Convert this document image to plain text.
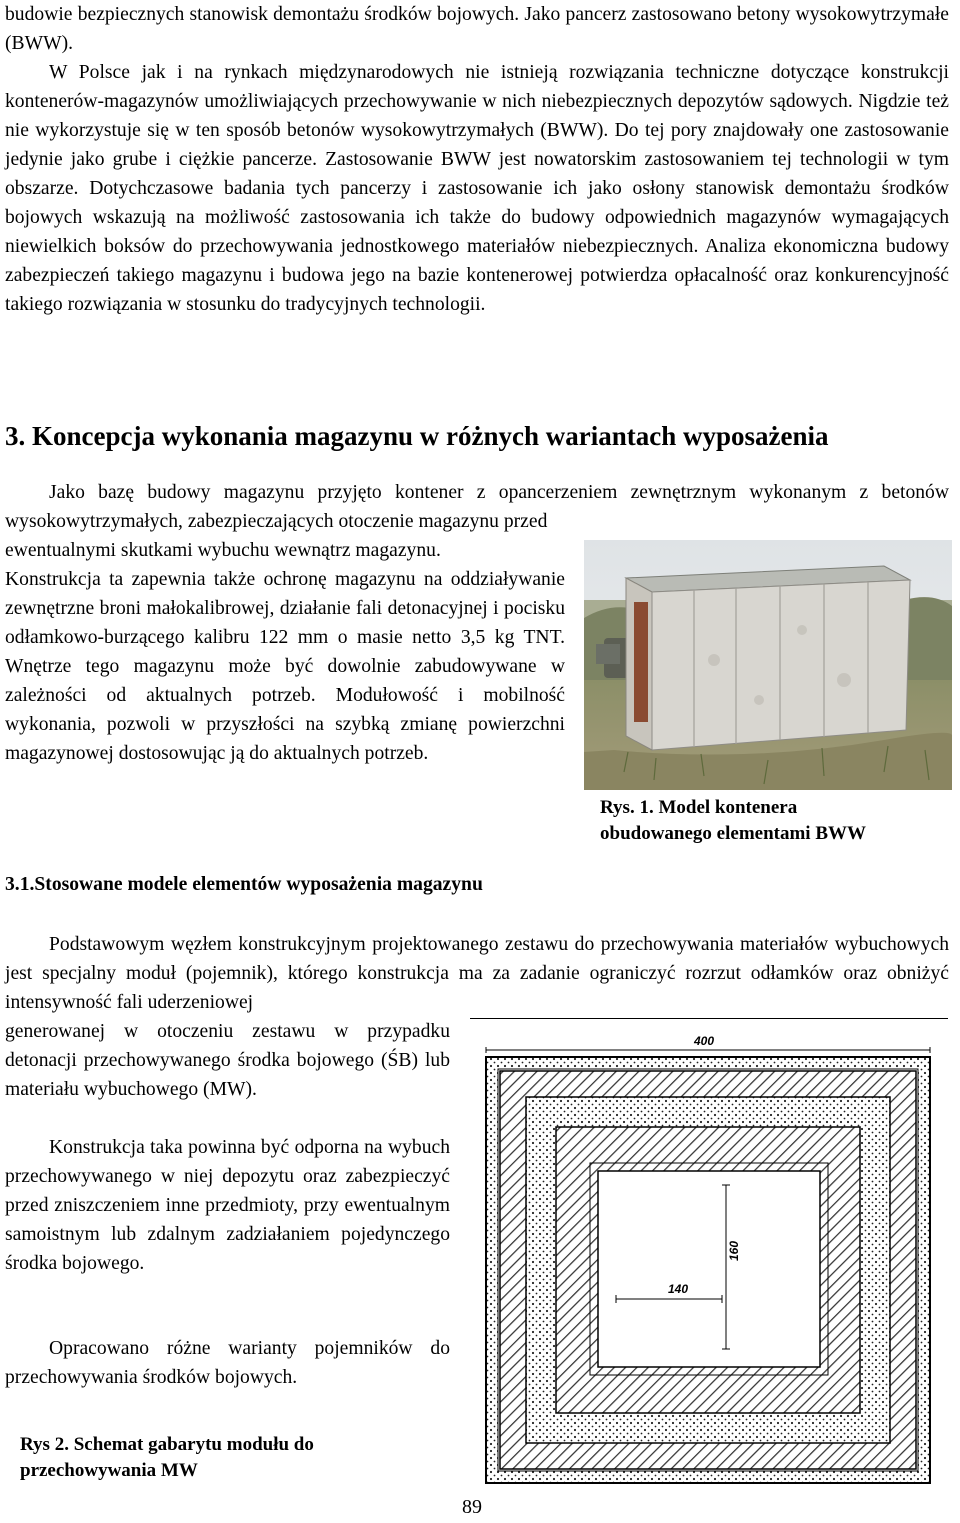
budowie bezpiecznych stanowisk demontażu środków bojowych. Jako pancerz zastosowano betony wysokowytrzymałe (BWW).

W Polsce jak i na rynkach międzynarodowych nie istnieją rozwiązania techniczne dotyczące konstrukcji kontenerów-magazynów umożliwiających przechowywanie w nich niebezpiecznych depozytów sądowych. Nigdzie też nie wykorzystuje się w ten sposób betonów wysokowytrzymałych (BWW). Do tej pory znajdowały one zastosowanie jedynie jako grube i ciężkie pancerze. Zastosowanie BWW jest nowatorskim zastosowaniem tej technologii w tym obszarze. Dotychczasowe badania tych pancerzy i zastosowanie ich jako osłony stanowisk demontażu środków bojowych wskazują na możliwość zastosowania ich także do budowy odpowiednich magazynów wymagających niewielkich boksów do przechowywania jednostkowego materiałów niebezpiecznych. Analiza ekonomiczna budowy zabezpieczeń takiego magazynu i budowa jego na bazie kontenerowej potwierdza opłacalność oraz konkurencyjność takiego rozwiązania w stosunku do tradycyjnych technologii.

3. Koncepcja wykonania magazynu w różnych wariantach wyposażenia

Jako bazę budowy magazynu przyjęto kontener z opancerzeniem zewnętrznym wykonanym z betonów wysokowytrzymałych, zabezpieczających otoczenie magazynu przed

ewentualnymi skutkami wybuchu wewnątrz magazynu.

Konstrukcja ta zapewnia także ochronę magazynu na oddziaływanie zewnętrzne broni małokalibrowej, działanie fali detonacyjnej i pocisku odłamkowo-burzącego kalibru 122 mm o masie netto 3,5 kg TNT. Wnętrze tego magazynu może być dowolnie zabudowywane w zależności od aktualnych potrzeb. Modułowość i mobilność wykonania, pozwoli w przyszłości na szybką zmianę powierzchni magazynowej dostosowując ją do aktualnych potrzeb.

Rys. 1. Model kontenera

obudowanego elementami BWW

3.1.Stosowane modele elementów wyposażenia magazynu

Podstawowym węzłem konstrukcyjnym projektowanego zestawu do przechowywania materiałów wybuchowych jest specjalny moduł (pojemnik), którego konstrukcja ma za zadanie ograniczyć rozrzut odłamków oraz obniżyć intensywność fali uderzeniowej

generowanej w otoczeniu zestawu w przypadku detonacji przechowywanego środka bojowego (ŚB) lub materiału wybuchowego (MW).

Konstrukcja taka powinna być odporna na wybuch przechowywanego w niej depozytu oraz zabezpieczyć przed zniszczeniem inne przedmioty, przy ewentualnym samoistnym lub zdalnym zadziałaniem pojedynczego środka bojowego.

Opracowano różne warianty pojemników do przechowywania środków bojowych.

400
140
160

Rys 2. Schemat gabarytu modułu do

przechowywania MW

89
